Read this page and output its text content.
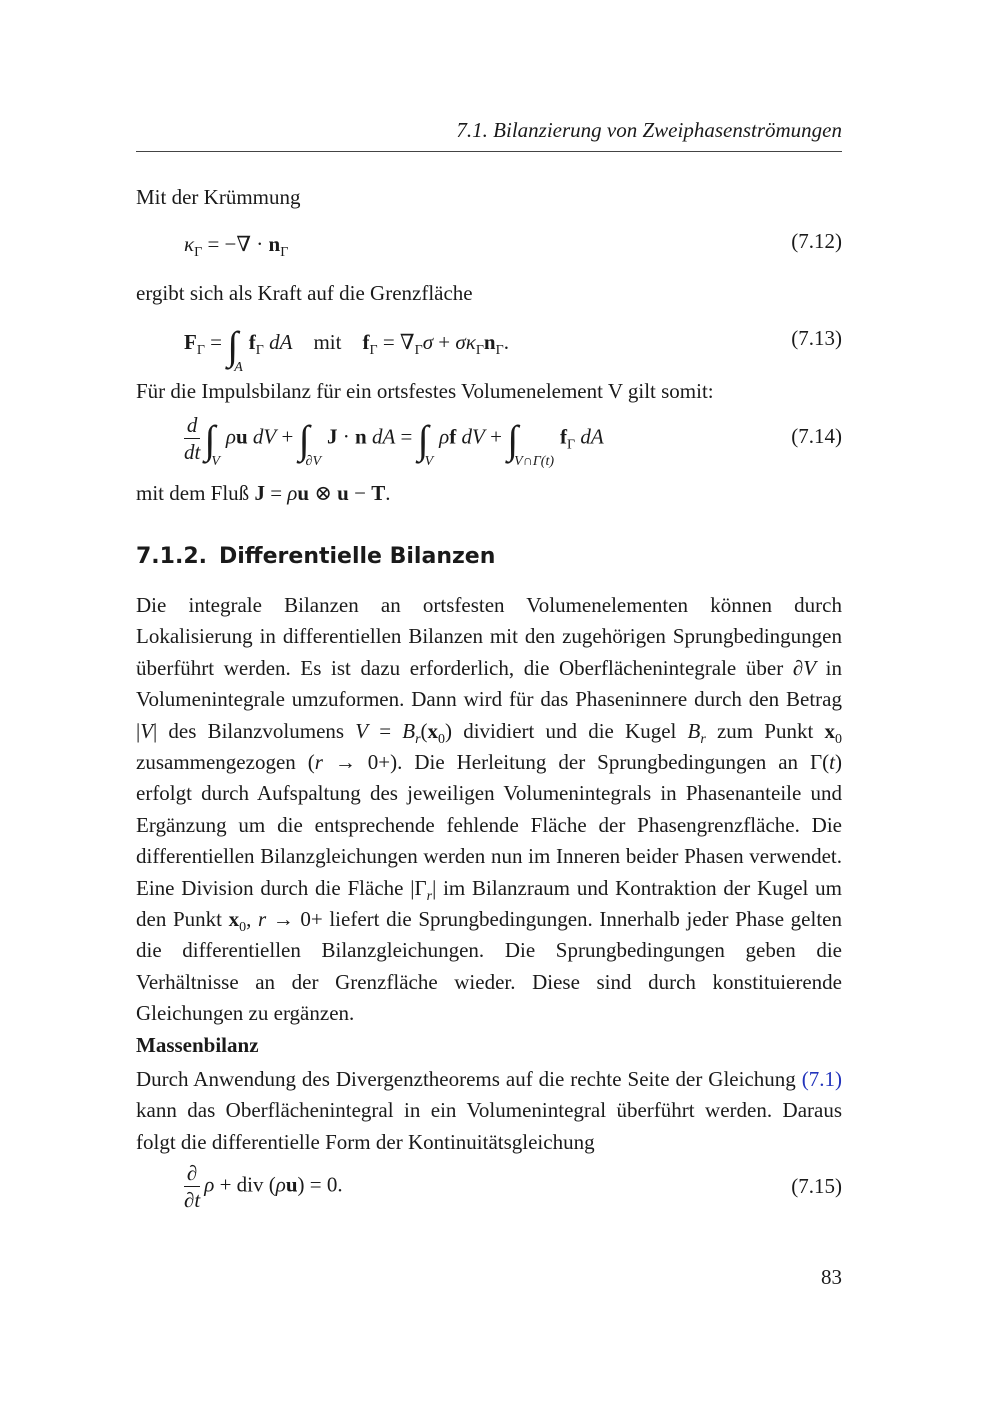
7.1. Bilanzierung von Zweiphasenströmungen
Mit der Krümmung
$\kappa_\Gamma$ = −∇ · $n_\Gamma$	(7.12)
ergibt sich als Kraft auf die Grenzfläche
$F_\Gamma = \int Af_\Gamma$ dA mit $f_\Gamma = \nabla_\Gamma\sigma + \sigma\kappa_\Gamma n_\Gamma$.	(7.13)
Für die Impulsbilanz für ein ortsfestes Volumenelement V gilt somit:
$\frac{d}{dt} \int V\rho u$ dV + ∫∂VJ · n dA = ∫Vρf dV + $\int V\cap\Gamma(t)f_\Gamma$ dA	(7.14)
mit dem Fluß J = ρu ⊗ u − T.
7.1.2. Differentielle Bilanzen
Die integrale Bilanzen an ortsfesten Volumenelementen können durch Lokalisierung in differentiellen Bilanzen mit den zugehörigen Sprungbedingungen überführt werden. Es ist dazu erforderlich, die Oberflächenintegrale über ∂V in Volumenintegrale umzuformen. Dann wird für das Phaseninnere durch den Betrag |V| des Bilanzvolumens $V = B_r(x_0)$ dividiert und die Kugel $B_r$ zum Punkt $x_0$ zusammengezogen (r → 0+). Die Herleitung der Sprungbedingungen an Γ(t) erfolgt durch Aufspaltung des jeweiligen Volumenintegrals in Phasenanteile und Ergänzung um die entsprechende fehlende Fläche der Phasengrenzfläche. Die differentiellen Bilanzgleichungen werden nun im Inneren beider Phasen verwendet. Eine Division durch die Fläche $|\Gamma_r|$ im Bilanzraum und Kontraktion der Kugel um den Punkt $x_0$, r → 0+ liefert die Sprungbedingungen. Innerhalb jeder Phase gelten die differentiellen Bilanzgleichungen. Die Sprungbedingungen geben die Verhältnisse an der Grenzfläche wieder. Diese sind durch konstituierende Gleichungen zu ergänzen.
Massenbilanz
Durch Anwendung des Divergenztheorems auf die rechte Seite der Gleichung (7.1) kann das Oberflächenintegral in ein Volumenintegral überführt werden. Daraus folgt die differentielle Form der Kontinuitätsgleichung
$\frac{\partial}{\partial t}$ ρ + div (ρu) = 0.	(7.15)
83
